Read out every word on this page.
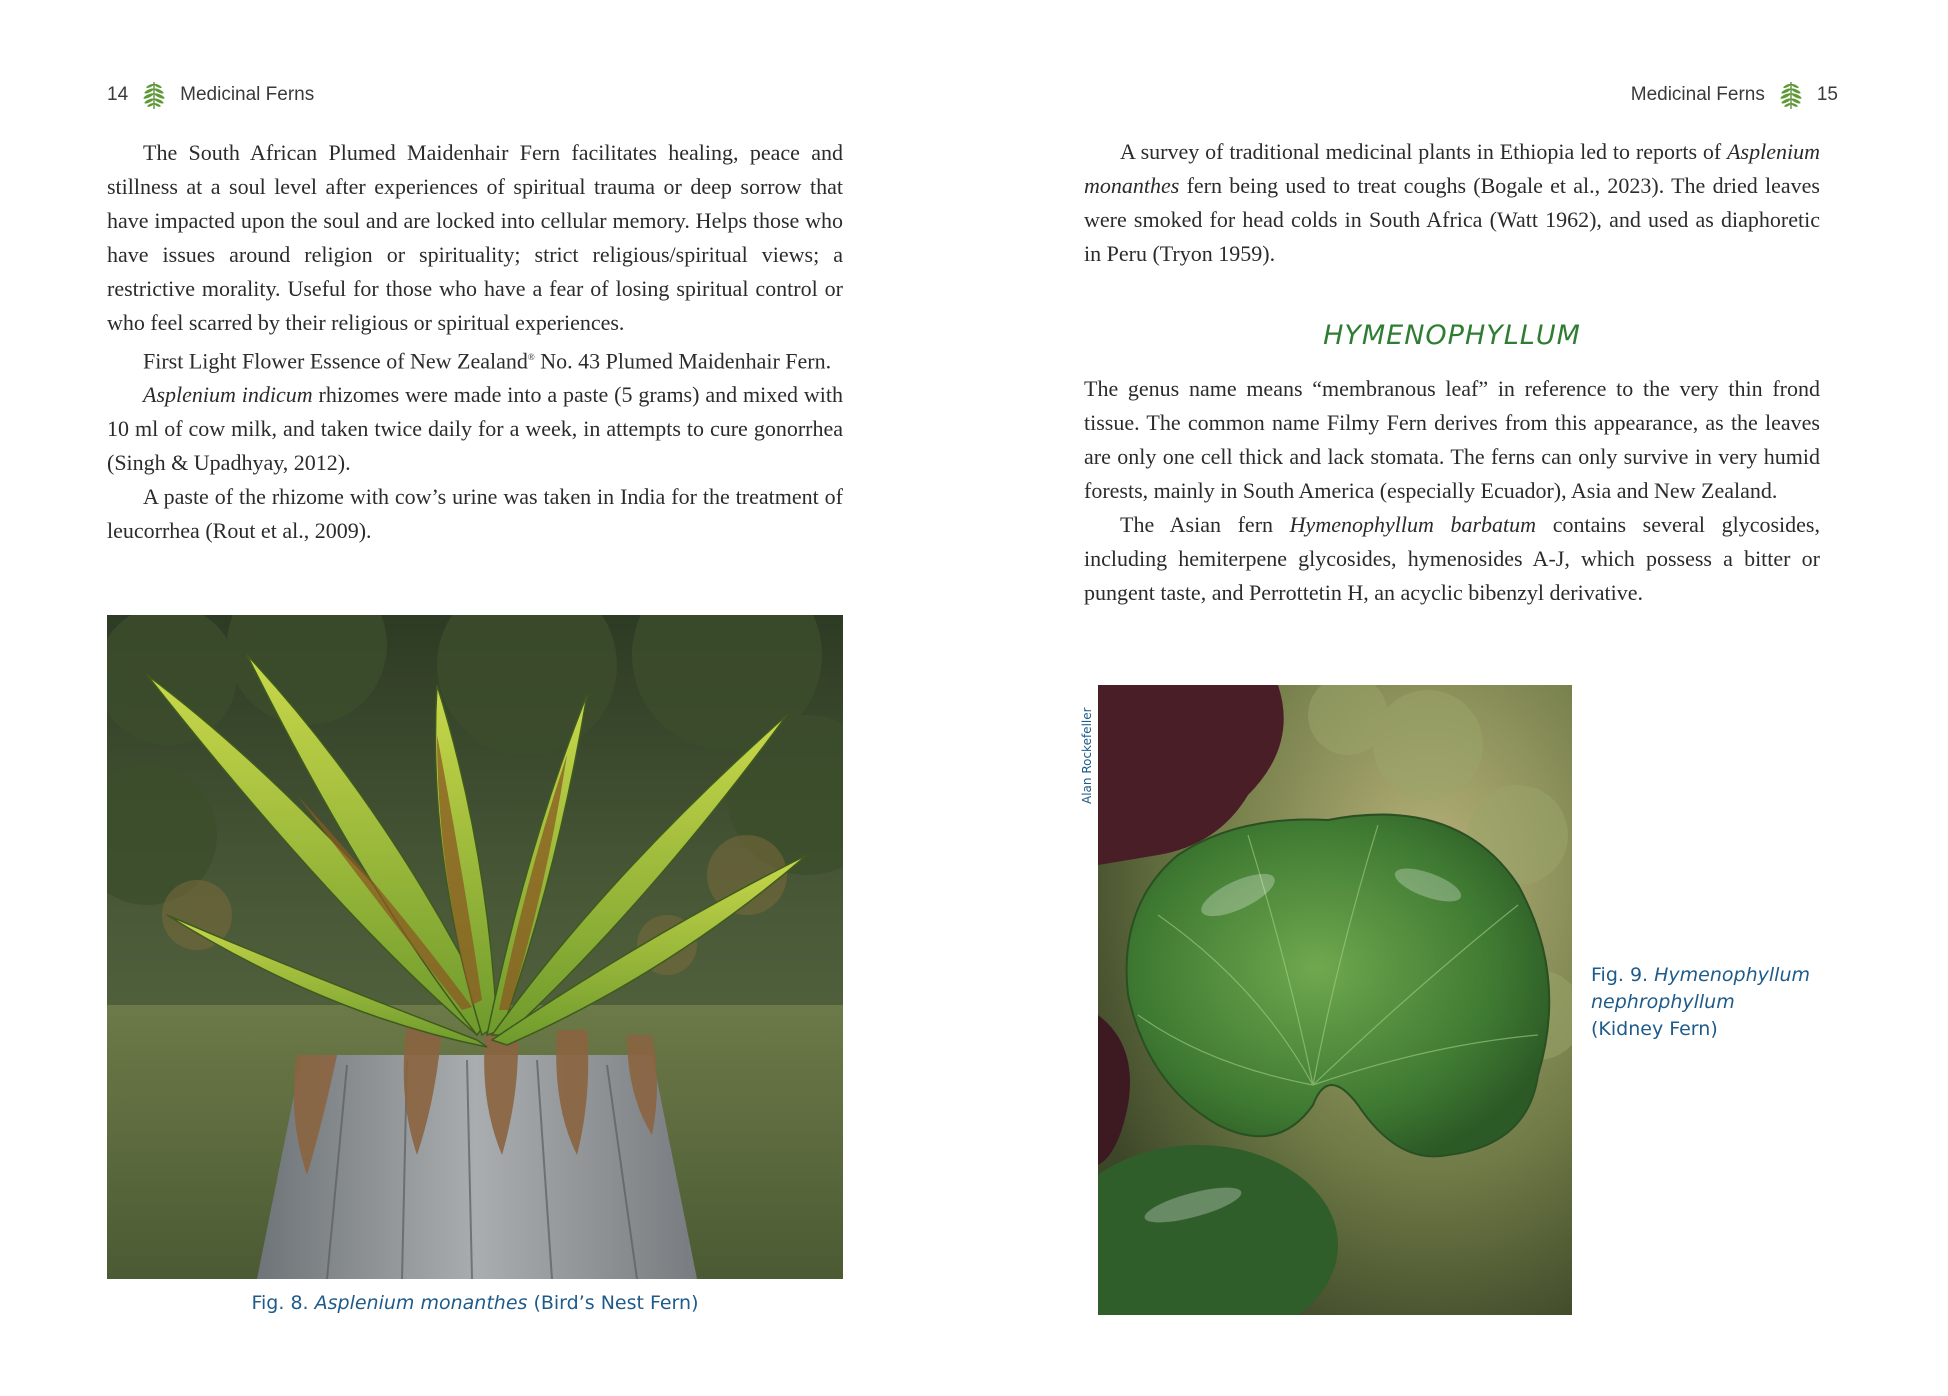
14	Medicinal Ferns

The South African Plumed Maidenhair Fern facilitates healing, peace and stillness at a soul level after experiences of spiritual trauma or deep sorrow that have impacted upon the soul and are locked into cellular memory. Helps those who have issues around religion or spirituality; strict religious/spiritual views; a restrictive morality. Useful for those who have a fear of losing spiritual control or who feel scarred by their religious or spiritual experiences.

First Light Flower Essence of New Zealand® No. 43 Plumed Maidenhair Fern.

Asplenium indicum rhizomes were made into a paste (5 grams) and mixed with 10 ml of cow milk, and taken twice daily for a week, in attempts to cure gonorrhea (Singh & Upadhyay, 2012).

A paste of the rhizome with cow’s urine was taken in India for the treatment of leucorrhea (Rout et al., 2009).

Fig. 8. Asplenium monanthes (Bird’s Nest Fern)
Medicinal Ferns	15

A survey of traditional medicinal plants in Ethiopia led to reports of Asplenium monanthes fern being used to treat coughs (Bogale et al., 2023). The dried leaves were smoked for head colds in South Africa (Watt 1962), and used as diaphoretic in Peru (Tryon 1959).

HYMENOPHYLLUM

The genus name means “membranous leaf” in reference to the very thin frond tissue. The common name Filmy Fern derives from this appearance, as the leaves are only one cell thick and lack stomata. The ferns can only survive in very humid forests, mainly in South America (especially Ecuador), Asia and New Zealand.

The Asian fern Hymenophyllum barbatum contains several glycosides, including hemiterpene glycosides, hymenosides A-J, which possess a bitter or pungent taste, and Perrottetin H, an acyclic bibenzyl derivative.

Alan Rockefeller
Fig. 9. Hymenophyllum
nephrophyllum
(Kidney Fern)
